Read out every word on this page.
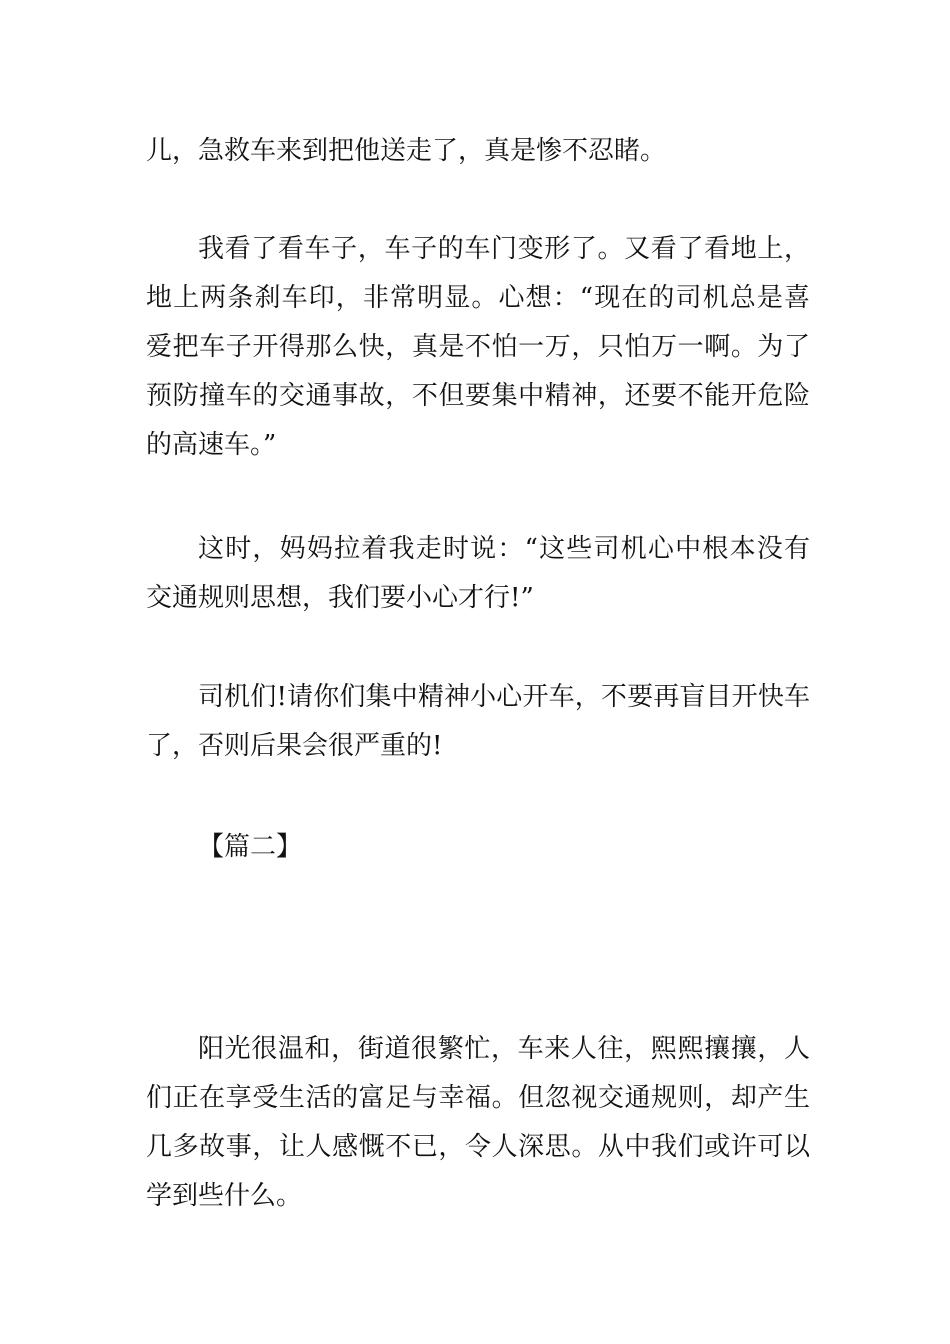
儿，急救车来到把他送走了，真是惨不忍睹。
我看了看车子，车子的车门变形了。又看了看地上，
地上两条刹车印，非常明显。心想：“现在的司机总是喜
爱把车子开得那么快，真是不怕一万，只怕万一啊。为了
预防撞车的交通事故，不但要集中精神，还要不能开危险
的高速车。”
这时，妈妈拉着我走时说：“这些司机心中根本没有
交通规则思想，我们要小心才行!”
司机们!请你们集中精神小心开车，不要再盲目开快车
了，否则后果会很严重的!
【篇二】
阳光很温和，街道很繁忙，车来人往，熙熙攘攘，人
们正在享受生活的富足与幸福。但忽视交通规则，却产生
几多故事，让人感慨不已，令人深思。从中我们或许可以
学到些什么。
